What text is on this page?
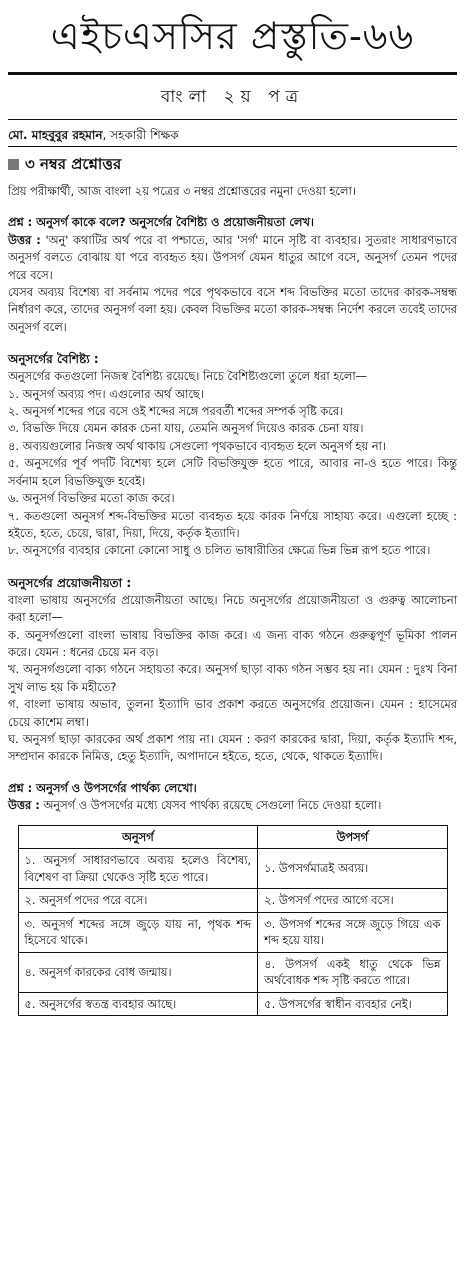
এইচএসসির প্রস্তুতি-৬৬
বাংলা ২য় পত্র
মো. মাহবুবুর রহমান, সহকারী শিক্ষক
৩ নম্বর প্রশ্নোত্তর

প্রিয় পরীক্ষার্থী, আজ বাংলা ২য় পত্রের ৩ নম্বর প্রশ্নোত্তরের নমুনা দেওয়া হলো।

প্রশ্ন : অনুসর্গ কাকে বলে? অনুসর্গের বৈশিষ্ট্য ও প্রয়োজনীয়তা লেখ।

উত্তর : 'অনু' কথাটির অর্থ পরে বা পশ্চাতে, আর 'সর্গ' মানে সৃষ্টি বা ব্যবহার। সুতরাং সাধারণভাবে অনুসর্গ বলতে বোঝায় যা পরে ব্যবহৃত হয়। উপসর্গ যেমন ধাতুর আগে বসে, অনুসর্গ তেমন পদের পরে বসে।

যেসব অব্যয় বিশেষ্য বা সর্বনাম পদের পরে পৃথকভাবে বসে শব্দ বিভক্তির মতো তাদের কারক-সম্বন্ধ নির্ধারণ করে, তাদের অনুসর্গ বলা হয়। কেবল বিভক্তির মতো কারক-সম্বন্ধ নির্দেশ করলে তবেই তাদের অনুসর্গ বলে।

অনুসর্গের বৈশিষ্ট্য :

অনুসর্গের কতগুলো নিজস্ব বৈশিষ্ট্য রয়েছে। নিচে বৈশিষ্ট্যগুলো তুলে ধরা হলো—

১. অনুসর্গ অব্যয় পদ। এগুলোর অর্থ আছে।

২. অনুসর্গ শব্দের পরে বসে ওই শব্দের সঙ্গে পরবর্তী শব্দের সম্পর্ক সৃষ্টি করে।

৩. বিভক্তি দিয়ে যেমন কারক চেনা যায়, তেমনি অনুসর্গ দিয়েও কারক চেনা যায়।

৪. অব্যয়গুলোর নিজস্ব অর্থ থাকায় সেগুলো পৃথকভাবে ব্যবহৃত হলে অনুসর্গ হয় না।

৫. অনুসর্গের পূর্ব পদটি বিশেষ্য হলে সেটি বিভক্তিযুক্ত হতে পারে, আবার না-ও হতে পারে। কিন্তু সর্বনাম হলে বিভক্তিযুক্ত হবেই।

৬. অনুসর্গ বিভক্তির মতো কাজ করে।

৭. কতগুলো অনুসর্গ শব্দ-বিভক্তির মতো ব্যবহৃত হয়ে কারক নির্ণয়ে সাহায্য করে। এগুলো হচ্ছে : হইতে, হতে, চেয়ে, দ্বারা, দিয়া, দিয়ে, কর্তৃক ইত্যাদি।

৮. অনুসর্গের ব্যবহার কোনো কোনো সাধু ও চলিত ভাষারীতির ক্ষেত্রে ভিন্ন ভিন্ন রূপ হতে পারে।

অনুসর্গের প্রয়োজনীয়তা :

বাংলা ভাষায় অনুসর্গের প্রয়োজনীয়তা আছে। নিচে অনুসর্গের প্রয়োজনীয়তা ও গুরুত্ব আলোচনা করা হলো—

ক. অনুসর্গগুলো বাংলা ভাষায় বিভক্তির কাজ করে। এ জন্য বাক্য গঠনে গুরুত্বপূর্ণ ভূমিকা পালন করে। যেমন : ধনের চেয়ে মন বড়।

খ. অনুসর্গগুলো বাক্য গঠনে সহায়তা করে। অনুসর্গ ছাড়া বাক্য গঠন সম্ভব হয় না। যেমন : দুঃখ বিনা সুখ লাভ হয় কি মহীতে?

গ. বাংলা ভাষায় অভাব, তুলনা ইত্যাদি ভাব প্রকাশ করতে অনুসর্গের প্রয়োজন। যেমন : হাসেমের চেয়ে কাশেম লম্বা।

ঘ. অনুসর্গ ছাড়া কারকের অর্থ প্রকাশ পায় না। যেমন : করণ কারকের দ্বারা, দিয়া, কর্তৃক ইত্যাদি শব্দ, সম্প্রদান কারকে নিমিত্ত, হেতু ইত্যাদি, অপাদানে হইতে, হতে, থেকে, থাকতে ইত্যাদি।

প্রশ্ন : অনুসর্গ ও উপসর্গের পার্থক্য লেখো।

উত্তর : অনুসর্গ ও উপসর্গের মধ্যে যেসব পার্থক্য রয়েছে সেগুলো নিচে দেওয়া হলো।

অনুসর্গ	উপসর্গ
১. অনুসর্গ সাধারণভাবে অব্যয় হলেও বিশেষ্য, বিশেষণ বা ক্রিয়া থেকেও সৃষ্টি হতে পারে।	১. উপসর্গমাত্রই অব্যয়।
২. অনুসর্গ পদের পরে বসে।	২. উপসর্গ পদের আগে বসে।
৩. অনুসর্গ শব্দের সঙ্গে জুড়ে যায় না, পৃথক শব্দ হিসেবে থাকে।	৩. উপসর্গ শব্দের সঙ্গে জুড়ে গিয়ে এক শব্দ হয়ে যায়।
৪. অনুসর্গ কারকের বোধ জন্মায়।	৪. উপসর্গ একই ধাতু থেকে ভিন্ন অর্থবোধক শব্দ সৃষ্টি করতে পারে।
৫. অনুসর্গের স্বতন্ত্র ব্যবহার আছে।	৫. উপসর্গের স্বাধীন ব্যবহার নেই।
